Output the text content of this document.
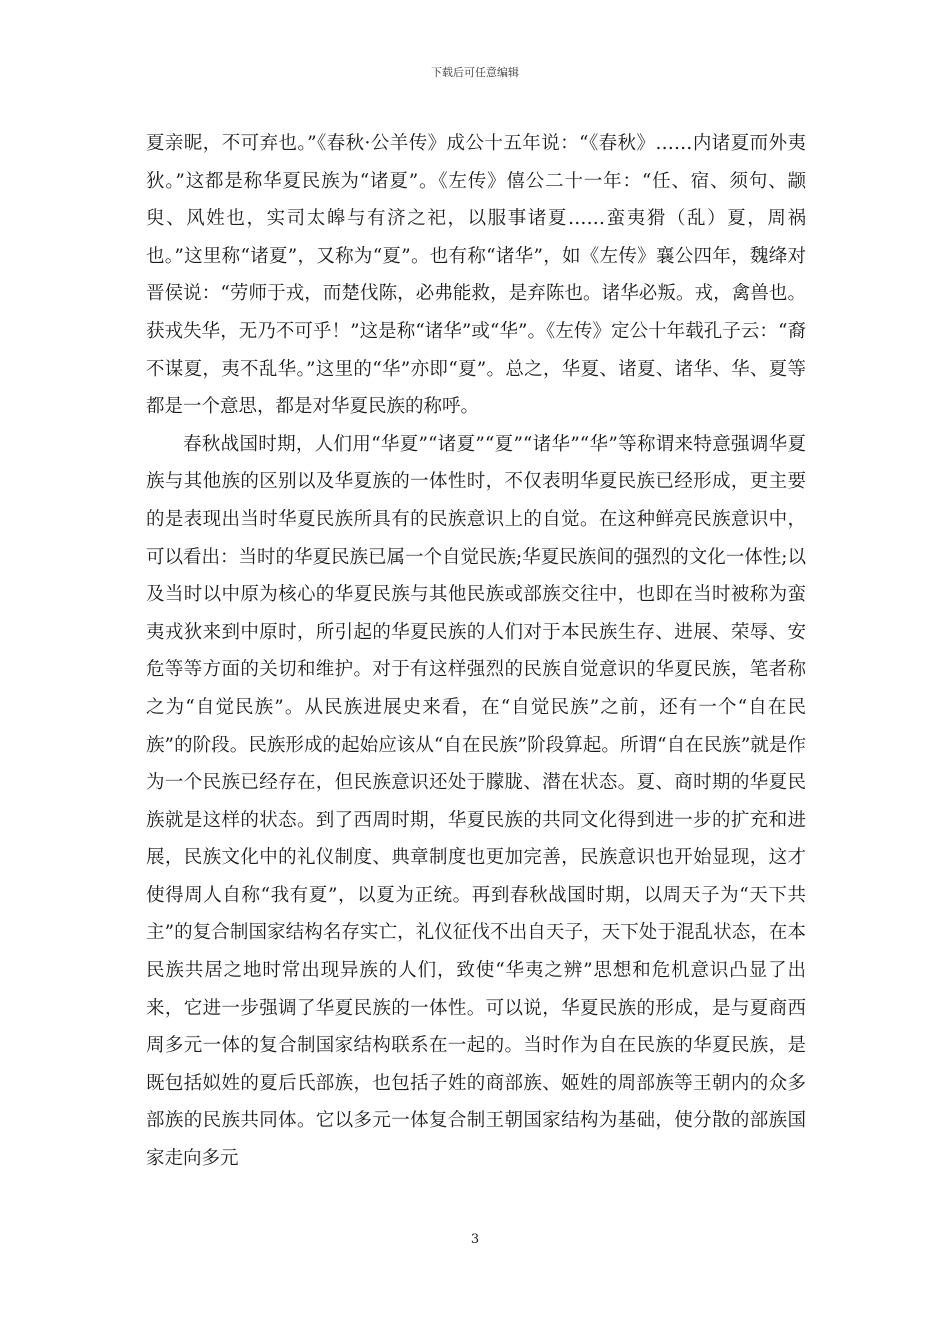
下载后可任意编辑

夏亲昵，不可弃也。”《春秋·公羊传》成公十五年说：“《春秋》……内诸夏而外夷狄。”这都是称华夏民族为“诸夏”。《左传》僖公二十一年：“任、宿、须句、颛臾、风姓也，实司太皞与有济之祀，以服事诸夏……蛮夷猾（乱）夏，周祸也。”这里称“诸夏”，又称为“夏”。也有称“诸华”，如《左传》襄公四年，魏绛对晋侯说：“劳师于戎，而楚伐陈，必弗能救，是弃陈也。诸华必叛。戎，禽兽也。获戎失华，无乃不可乎！”这是称“诸华”或“华”。《左传》定公十年载孔子云：“裔不谋夏，夷不乱华。”这里的“华”亦即“夏”。总之，华夏、诸夏、诸华、华、夏等都是一个意思，都是对华夏民族的称呼。

春秋战国时期，人们用“华夏”“诸夏”“夏”“诸华”“华”等称谓来特意强调华夏族与其他族的区别以及华夏族的一体性时，不仅表明华夏民族已经形成，更主要的是表现出当时华夏民族所具有的民族意识上的自觉。在这种鲜亮民族意识中，可以看出：当时的华夏民族已属一个自觉民族;华夏民族间的强烈的文化一体性;以及当时以中原为核心的华夏民族与其他民族或部族交往中，也即在当时被称为蛮夷戎狄来到中原时，所引起的华夏民族的人们对于本民族生存、进展、荣辱、安危等等方面的关切和维护。对于有这样强烈的民族自觉意识的华夏民族，笔者称之为“自觉民族”。从民族进展史来看，在“自觉民族”之前，还有一个“自在民族”的阶段。民族形成的起始应该从“自在民族”阶段算起。所谓“自在民族”就是作为一个民族已经存在，但民族意识还处于朦胧、潜在状态。夏、商时期的华夏民族就是这样的状态。到了西周时期，华夏民族的共同文化得到进一步的扩充和进展，民族文化中的礼仪制度、典章制度也更加完善，民族意识也开始显现，这才使得周人自称“我有夏”，以夏为正统。再到春秋战国时期，以周天子为“天下共主”的复合制国家结构名存实亡，礼仪征伐不出自天子，天下处于混乱状态，在本民族共居之地时常出现异族的人们，致使“华夷之辨”思想和危机意识凸显了出来，它进一步强调了华夏民族的一体性。可以说，华夏民族的形成，是与夏商西周多元一体的复合制国家结构联系在一起的。当时作为自在民族的华夏民族，是既包括姒姓的夏后氏部族，也包括子姓的商部族、姬姓的周部族等王朝内的众多部族的民族共同体。它以多元一体复合制王朝国家结构为基础，使分散的部族国家走向多元

3
